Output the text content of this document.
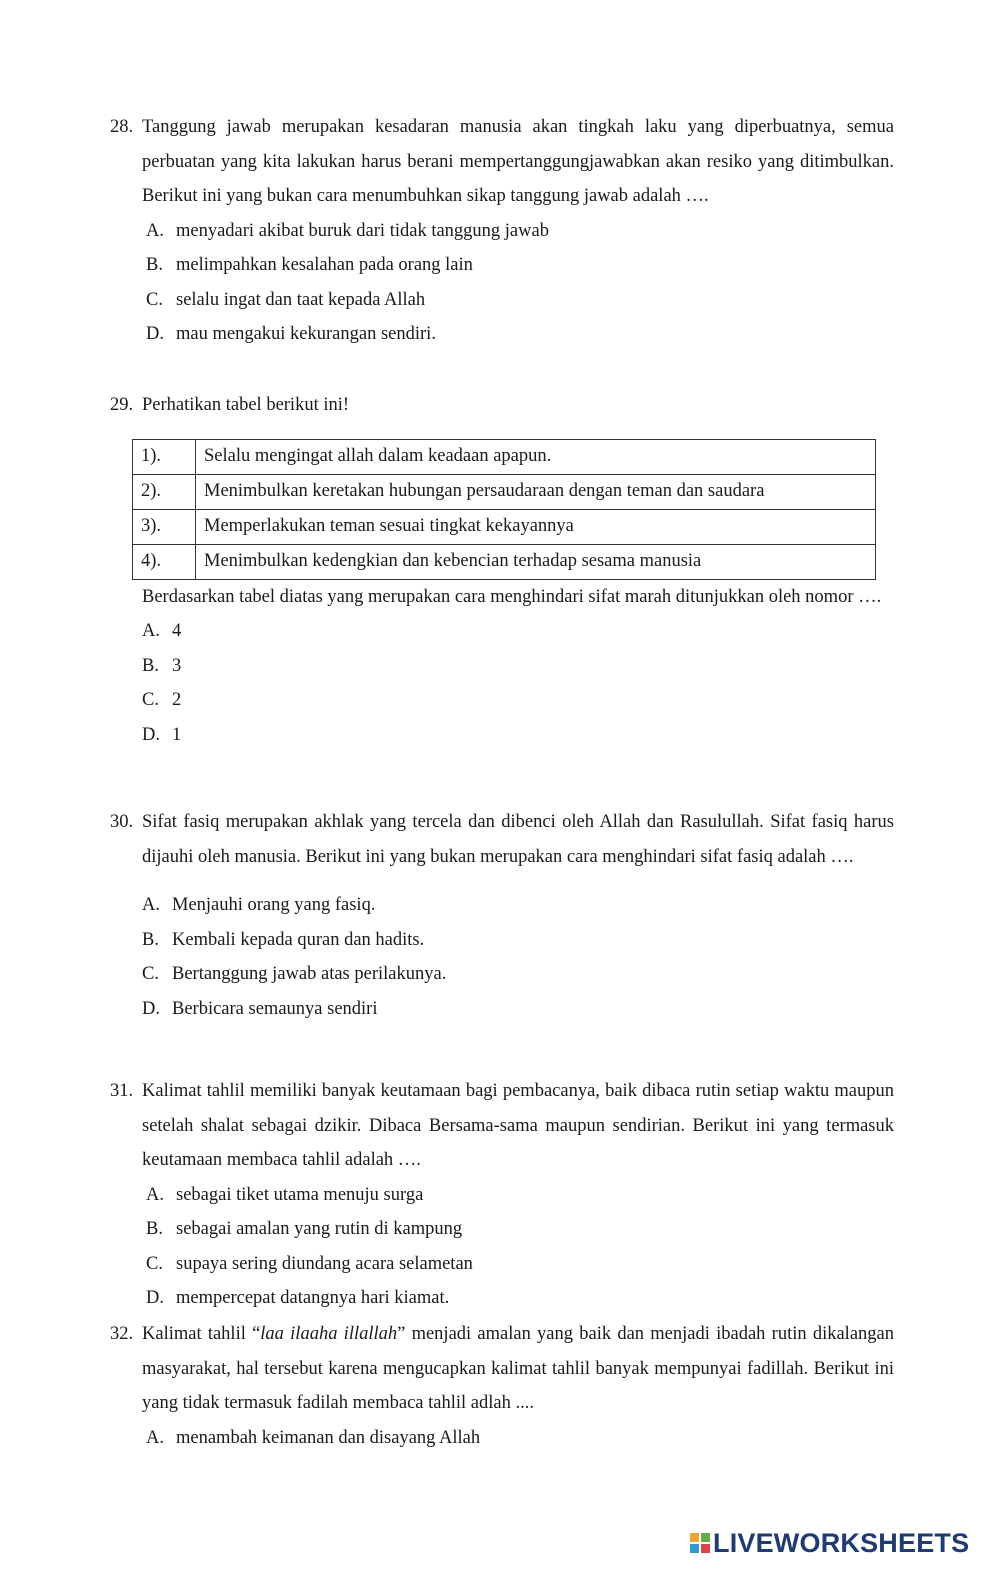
28. Tanggung jawab merupakan kesadaran manusia akan tingkah laku yang diperbuatnya, semua perbuatan yang kita lakukan harus berani mempertanggungjawabkan akan resiko yang ditimbulkan. Berikut ini yang bukan cara menumbuhkan sikap tanggung jawab adalah ….
A. menyadari akibat buruk dari tidak tanggung jawab
B. melimpahkan kesalahan pada orang lain
C. selalu ingat dan taat kepada Allah
D. mau mengakui kekurangan sendiri.
29. Perhatikan tabel berikut ini!
1).	Selalu mengingat allah dalam keadaan apapun.
2).	Menimbulkan keretakan hubungan persaudaraan dengan teman dan saudara
3).	Memperlakukan teman sesuai tingkat kekayannya
4).	Menimbulkan kedengkian dan kebencian terhadap sesama manusia
Berdasarkan tabel diatas yang merupakan cara menghindari sifat marah ditunjukkan oleh nomor ….
A. 4
B. 3
C. 2
D. 1
30. Sifat fasiq merupakan akhlak yang tercela dan dibenci oleh Allah dan Rasulullah. Sifat fasiq harus dijauhi oleh manusia. Berikut ini yang bukan merupakan cara menghindari sifat fasiq adalah ….
A. Menjauhi orang yang fasiq.
B. Kembali kepada quran dan hadits.
C. Bertanggung jawab atas perilakunya.
D. Berbicara semaunya sendiri
31. Kalimat tahlil memiliki banyak keutamaan bagi pembacanya, baik dibaca rutin setiap waktu maupun setelah shalat sebagai dzikir. Dibaca Bersama-sama maupun sendirian. Berikut ini yang termasuk keutamaan membaca tahlil adalah ….
A. sebagai tiket utama menuju surga
B. sebagai amalan yang rutin di kampung
C. supaya sering diundang acara selametan
D. mempercepat datangnya hari kiamat.
32. Kalimat tahlil “laa ilaaha illallah” menjadi amalan yang baik dan menjadi ibadah rutin dikalangan masyarakat, hal tersebut karena mengucapkan kalimat tahlil banyak mempunyai fadillah. Berikut ini yang tidak termasuk fadilah membaca tahlil adlah ....
A. menambah keimanan dan disayang Allah
LIVEWORKSHEETS
